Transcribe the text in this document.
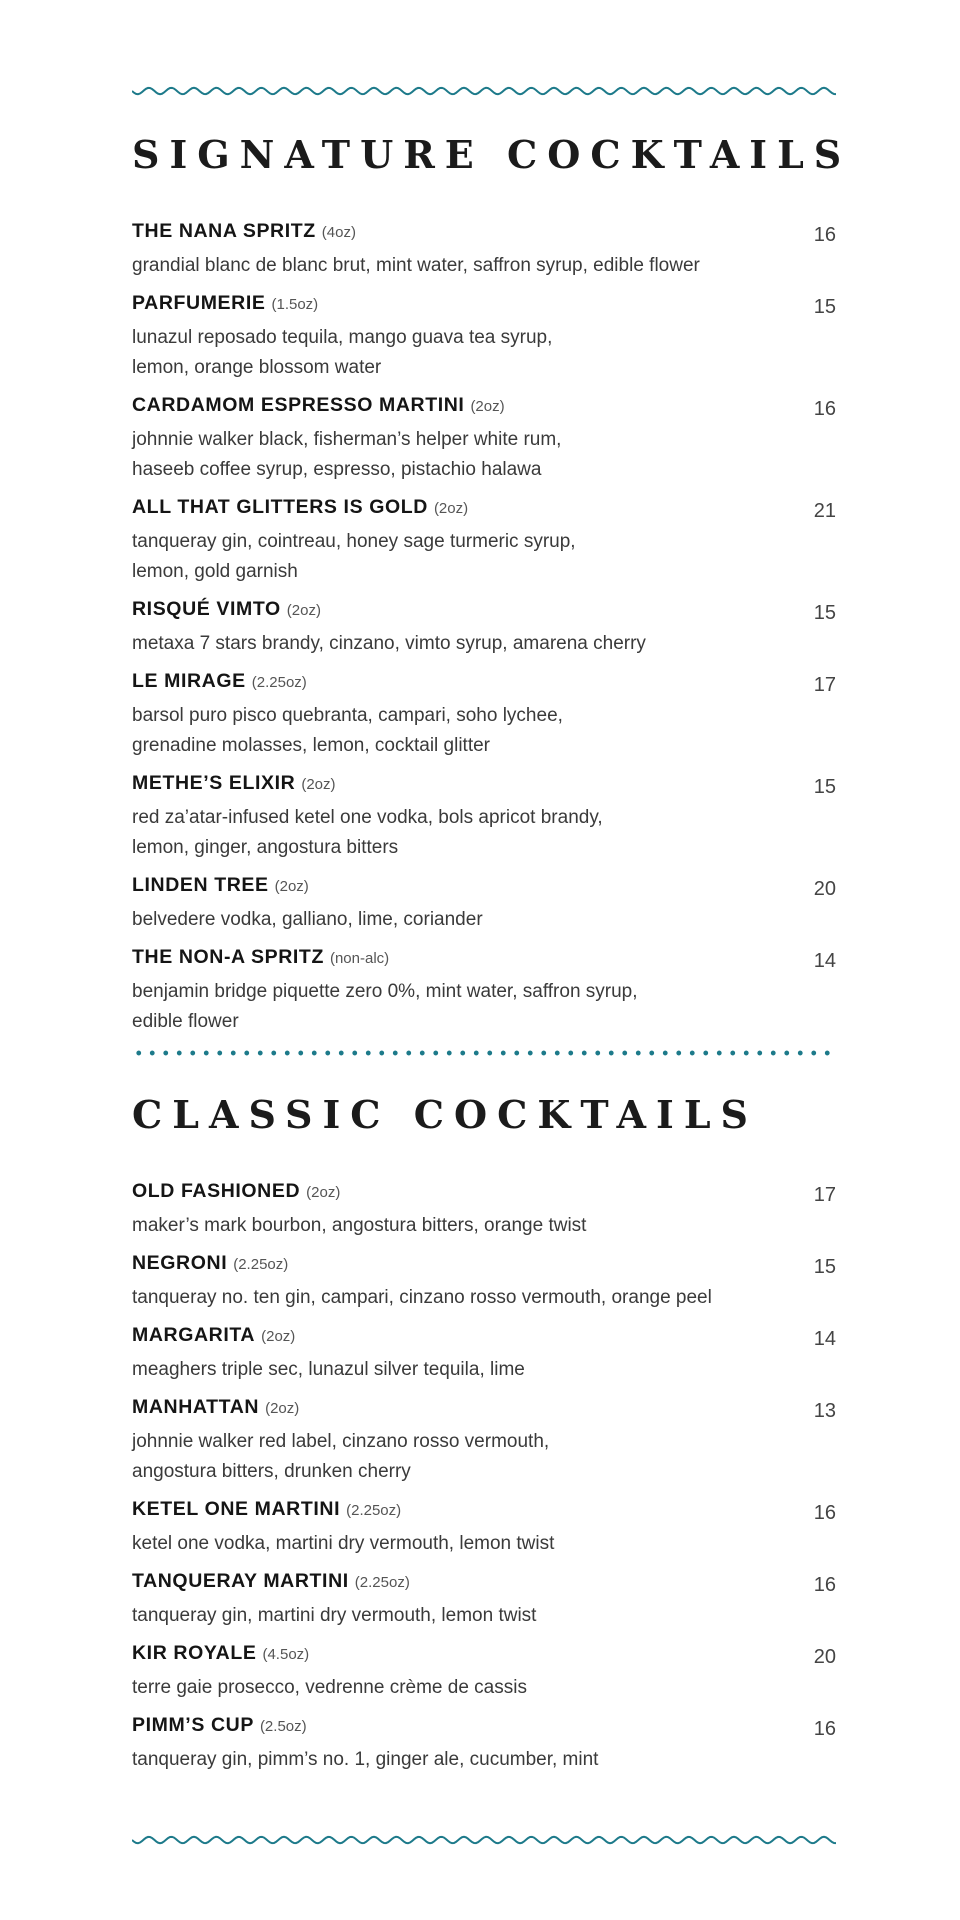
SIGNATURE COCKTAILS
THE NANA SPRITZ (4oz)	16

grandial blanc de blanc brut, mint water, saffron syrup, edible flower

PARFUMERIE (1.5oz)	15

lunazul reposado tequila, mango guava tea syrup,
lemon, orange blossom water

CARDAMOM ESPRESSO MARTINI (2oz)	16

johnnie walker black, fisherman’s helper white rum,
haseeb coffee syrup, espresso, pistachio halawa

ALL THAT GLITTERS IS GOLD (2oz)	21

tanqueray gin, cointreau, honey sage turmeric syrup,
lemon, gold garnish

RISQUÉ VIMTO (2oz)	15

metaxa 7 stars brandy, cinzano, vimto syrup, amarena cherry

LE MIRAGE (2.25oz)	17

barsol puro pisco quebranta, campari, soho lychee,
grenadine molasses, lemon, cocktail glitter

METHE’S ELIXIR (2oz)	15

red za’atar-infused ketel one vodka, bols apricot brandy,
lemon, ginger, angostura bitters

LINDEN TREE (2oz)	20

belvedere vodka, galliano, lime, coriander

THE NON-A SPRITZ (non-alc)	14

benjamin bridge piquette zero 0%, mint water, saffron syrup,
edible flower

CLASSIC COCKTAILS
OLD FASHIONED (2oz)	17

maker’s mark bourbon, angostura bitters, orange twist

NEGRONI (2.25oz)	15

tanqueray no. ten gin, campari, cinzano rosso vermouth, orange peel

MARGARITA (2oz)	14

meaghers triple sec, lunazul silver tequila, lime

MANHATTAN (2oz)	13

johnnie walker red label, cinzano rosso vermouth,
angostura bitters, drunken cherry

KETEL ONE MARTINI (2.25oz)	16

ketel one vodka, martini dry vermouth, lemon twist

TANQUERAY MARTINI (2.25oz)	16

tanqueray gin, martini dry vermouth, lemon twist

KIR ROYALE (4.5oz)	20

terre gaie prosecco, vedrenne crème de cassis

PIMM’S CUP (2.5oz)	16

tanqueray gin, pimm’s no. 1, ginger ale, cucumber, mint
